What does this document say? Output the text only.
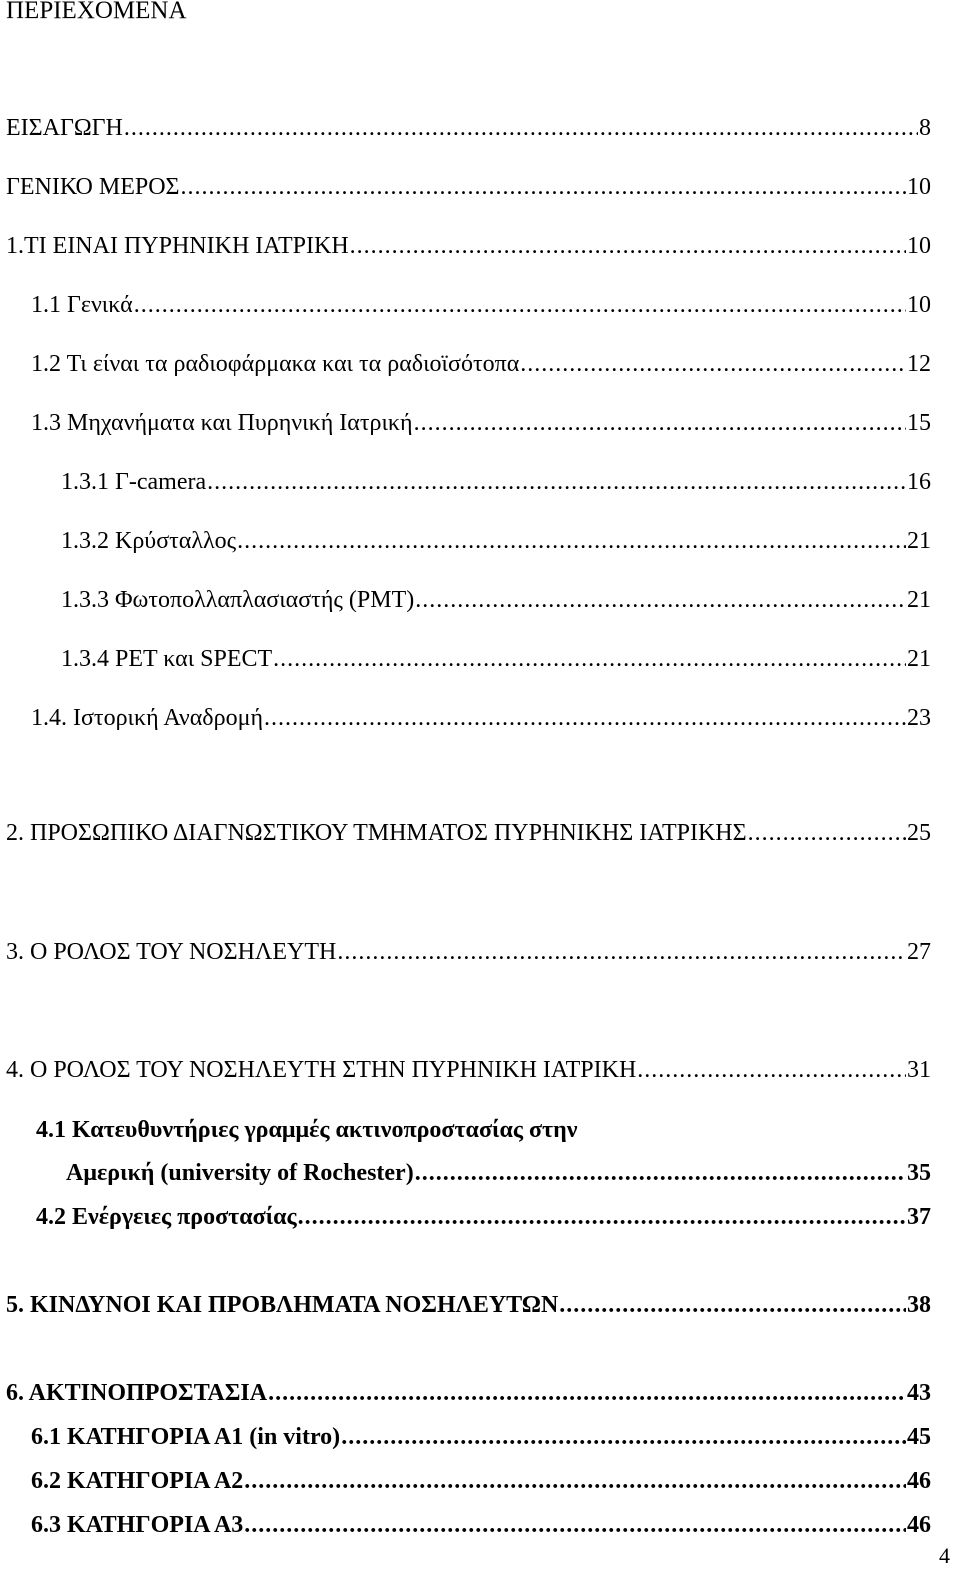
ΠΕΡΙΕΧΟΜΕΝΑ
ΕΙΣΑΓΩΓΗ . . .	8
ΓΕΝΙΚΟ ΜΕΡΟΣ . . .	10
1.ΤΙ ΕΙΝΑΙ ΠΥΡΗΝΙΚΗ ΙΑΤΡΙΚΗ . . .	10
1.1 Γενικά . . .	10
1.2 Τι είναι τα ραδιοφάρμακα και τα ραδιοϊσότοπα . . .	12
1.3 Μηχανήματα και Πυρηνική Ιατρική . . .	15
1.3.1 Γ-camera . . .	16
1.3.2 Κρύσταλλος . . .	21
1.3.3 Φωτοπολλαπλασιαστής (PMT) . . .	21
1.3.4 PET και SPECT . . .	21
1.4. Ιστορική Αναδρομή . . .	23
2. ΠΡΟΣΩΠΙΚΟ ΔΙΑΓΝΩΣΤΙΚΟΥ ΤΜΗΜΑΤΟΣ ΠΥΡΗΝΙΚΗΣ ΙΑΤΡΙΚΗΣ . . .	25
3. Ο ΡΟΛΟΣ ΤΟΥ ΝΟΣΗΛΕΥΤΗ . . .	27
4. Ο ΡΟΛΟΣ ΤΟΥ ΝΟΣΗΛΕΥΤΗ ΣΤΗΝ ΠΥΡΗΝΙΚΗ ΙΑΤΡΙΚΗ . . .	31
4.1 Κατευθυντήριες γραμμές ακτινοπροστασίας στην
Αμερική (university of Rochester) . . .	35
4.2 Ενέργειες προστασίας . . .	37
5. ΚΙΝΔΥΝΟΙ ΚΑΙ ΠΡΟΒΛΗΜΑΤΑ ΝΟΣΗΛΕΥΤΩΝ . . .	38
6. ΑΚΤΙΝΟΠΡΟΣΤΑΣΙΑ . . .	43
6.1 ΚΑΤΗΓΟΡΙΑ Α1 (in vitro) . . .	45
6.2 ΚΑΤΗΓΟΡΙΑ Α2 . . .	46
6.3 ΚΑΤΗΓΟΡΙΑ Α3 . . .	46
4
